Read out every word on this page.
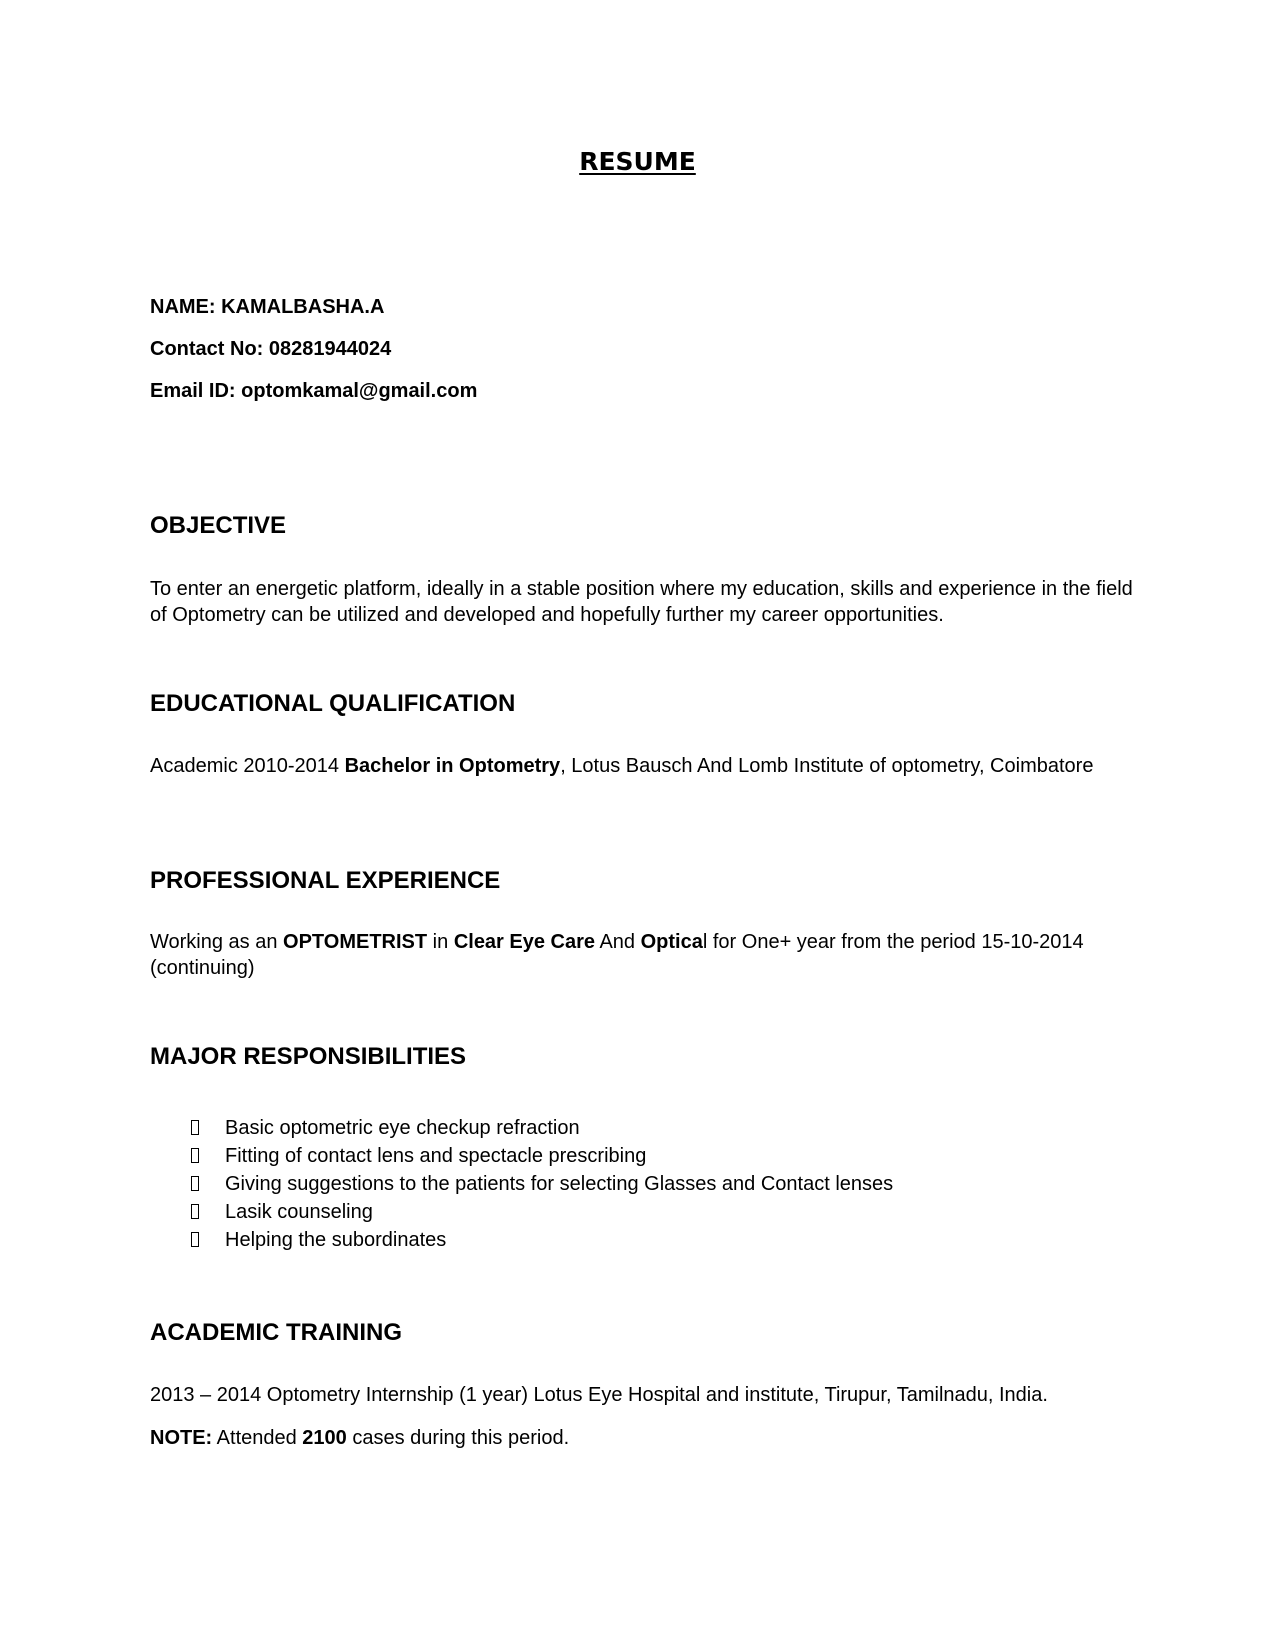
RESUME
NAME: KAMALBASHA.A
Contact No: 08281944024
Email ID: optomkamal@gmail.com
OBJECTIVE
To enter an energetic platform, ideally in a stable position where my education, skills and experience in the field of Optometry can be utilized and developed and hopefully further my career opportunities.
EDUCATIONAL QUALIFICATION
Academic 2010-2014 Bachelor in Optometry, Lotus Bausch And Lomb Institute of optometry, Coimbatore
PROFESSIONAL EXPERIENCE
Working as an OPTOMETRIST in Clear Eye Care And Optical for One+ year from the period 15-10-2014 (continuing)
MAJOR RESPONSIBILITIES
Basic optometric eye checkup refraction
Fitting of contact lens and spectacle prescribing
Giving suggestions to the patients for selecting Glasses and Contact lenses
Lasik counseling
Helping the subordinates
ACADEMIC TRAINING
2013 – 2014 Optometry Internship (1 year) Lotus Eye Hospital and institute, Tirupur, Tamilnadu, India.
NOTE: Attended 2100 cases during this period.
